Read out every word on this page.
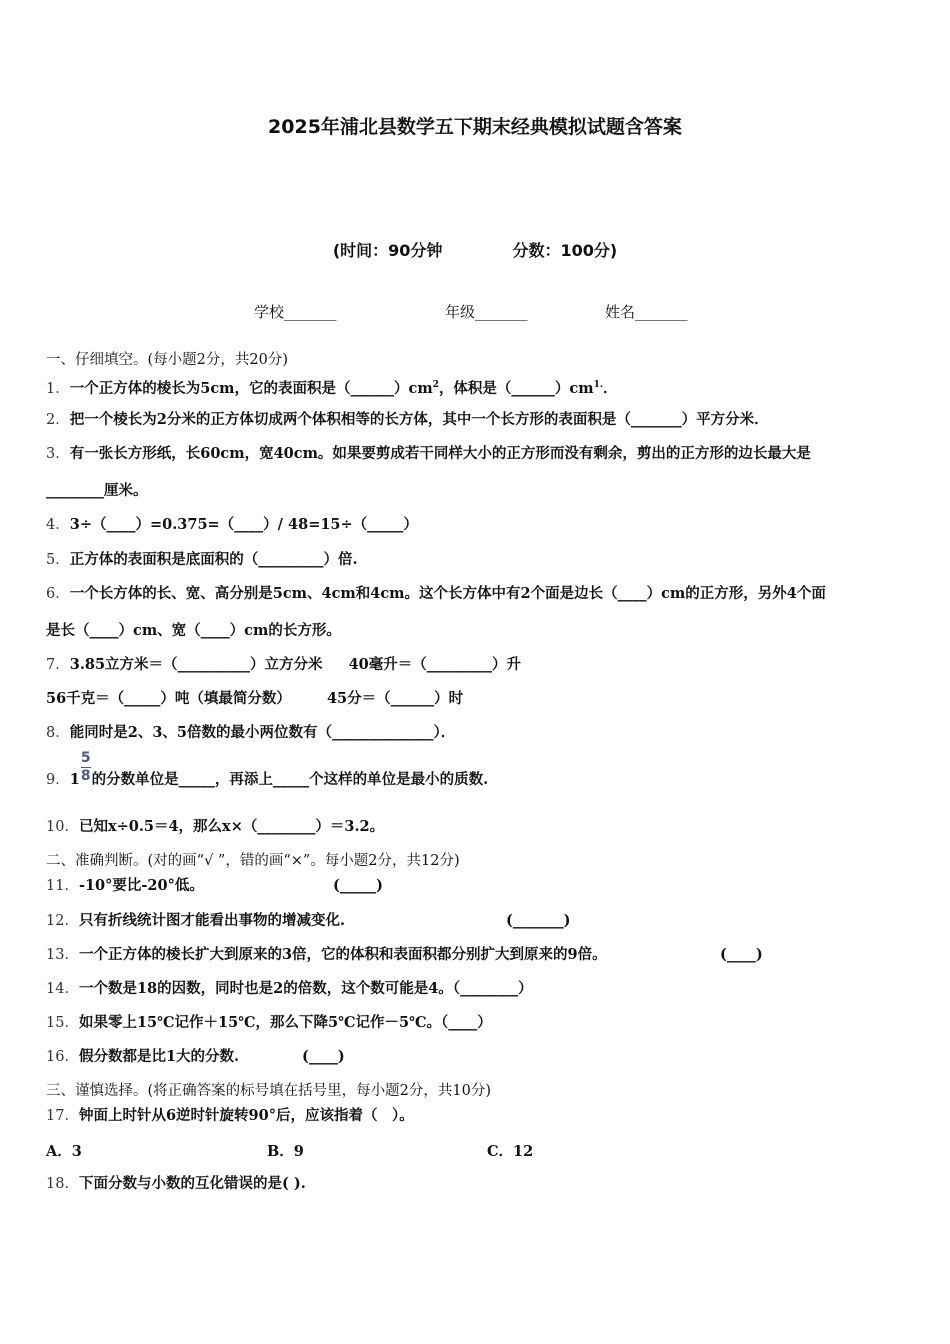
2025年浦北县数学五下期末经典模拟试题含答案
(时间：90分钟	分数：100分)
学校_______	年级_______	姓名_______
一、仔细填空。(每小题2分，共20分)
1．一个正方体的棱长为5cm，它的表面积是$(\_\_\_\_\_\_)cm^2$，体积是$(\_\_\_\_\_\_)cm^{1.}$．
2．把一个棱长为2分米的正方体切成两个体积相等的长方体，其中一个长方形的表面积是（_______）平方分米．
3．有一张长方形纸，长60cm，宽40cm。如果要剪成若干同样大小的正方形而没有剩余，剪出的正方形的边长最大是
________厘米。
4．3÷（____）=0.375=（____）/ 48=15÷（_____）
5．正方体的表面积是底面积的（_________）倍.
6．一个长方体的长、宽、高分别是5cm、4cm和4cm。这个长方体中有2个面是边长（____）cm的正方形，另外4个面
是长（____）cm、宽（____）cm的长方形。
7．3.85立方米＝（__________）立方分米 40毫升＝（_________）升
56千克＝（_____）吨（填最简分数） 45分＝（______）时
8．能同时是2、3、5倍数的最小两位数有（______________）．
9．$1\frac{5}{8}$的分数单位是_____，再添上_____个这样的单位是最小的质数.
10．已知x÷0.5＝4，那么x×（________）＝3.2。
二、准确判断。(对的画“√ ”，错的画“×”。每小题2分，共12分)
11．-10°要比-20°低。	(_____)
12．只有折线统计图才能看出事物的增减变化.	(_______)
13．一个正方体的棱长扩大到原来的3倍，它的体积和表面积都分别扩大到原来的9倍。	(____)
14．一个数是18的因数，同时也是2的倍数，这个数可能是4。（________）
15．如果零上15℃记作＋15℃，那么下降5℃记作－5℃。（____）
16．假分数都是比1大的分数.	(____)
三、谨慎选择。(将正确答案的标号填在括号里，每小题2分，共10分)
17．钟面上时针从6逆时针旋转90°后，应该指着（　）。
A．3	B．9	C．12
18．下面分数与小数的互化错误的是( ).
